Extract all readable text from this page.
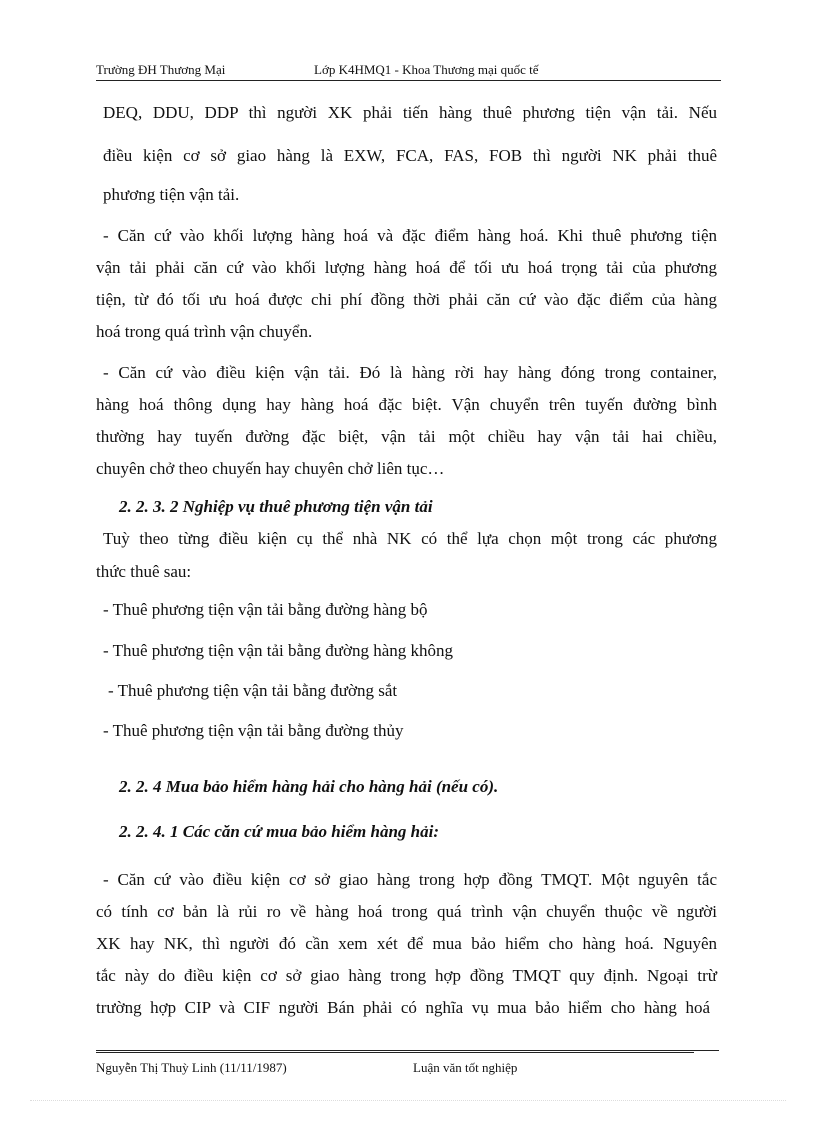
Trường ĐH Thương Mại	Lớp K4HMQ1 - Khoa Thương mại quốc tế
DEQ, DDU, DDP thì người XK phải tiến hàng thuê phương tiện vận tải. Nếu
điều kiện cơ sở giao hàng là EXW, FCA, FAS, FOB thì người NK phải thuê
phương tiện vận tải.
- Căn cứ vào khối lượng hàng hoá và đặc điểm hàng hoá. Khi thuê phương tiện
vận tải phải căn cứ vào khối lượng hàng hoá để tối ưu hoá trọng tải của phương
tiện, từ đó tối ưu hoá được chi phí đồng thời phải căn cứ vào đặc điểm của hàng
hoá trong quá trình vận chuyển.
- Căn cứ vào điều kiện vận tải. Đó là hàng rời hay hàng đóng trong container,
hàng hoá thông dụng hay hàng hoá đặc biệt. Vận chuyển trên tuyến đường bình
thường hay tuyến đường đặc biệt, vận tải một chiều hay vận tải hai chiều,
chuyên chở theo chuyến hay chuyên chở liên tục…
2. 2. 3. 2 Nghiệp vụ thuê phương tiện vận tải
Tuỳ theo từng điều kiện cụ thể nhà NK có thể lựa chọn một trong các phương
thức thuê sau:
- Thuê phương tiện vận tải bằng đường hàng bộ
- Thuê phương tiện vận tải bằng đường hàng không
- Thuê phương tiện vận tải bằng đường sắt
- Thuê phương tiện vận tải bằng đường thủy
2. 2. 4 Mua bảo hiểm hàng hải cho hàng hải (nếu có).
2. 2. 4. 1 Các căn cứ mua bảo hiểm hàng hải:
- Căn cứ vào điều kiện cơ sở giao hàng trong hợp đồng TMQT. Một nguyên tắc
có tính cơ bản là rủi ro về hàng hoá trong quá trình vận chuyển thuộc về người
XK hay NK, thì người đó cần xem xét để mua bảo hiểm cho hàng hoá. Nguyên
tắc này do điều kiện cơ sở giao hàng trong hợp đồng TMQT quy định. Ngoại trừ
trường hợp CIP và CIF người Bán phải có nghĩa vụ mua bảo hiểm cho hàng hoá
Nguyễn Thị Thuỳ Linh (11/11/1987)	Luận văn tốt nghiệp
